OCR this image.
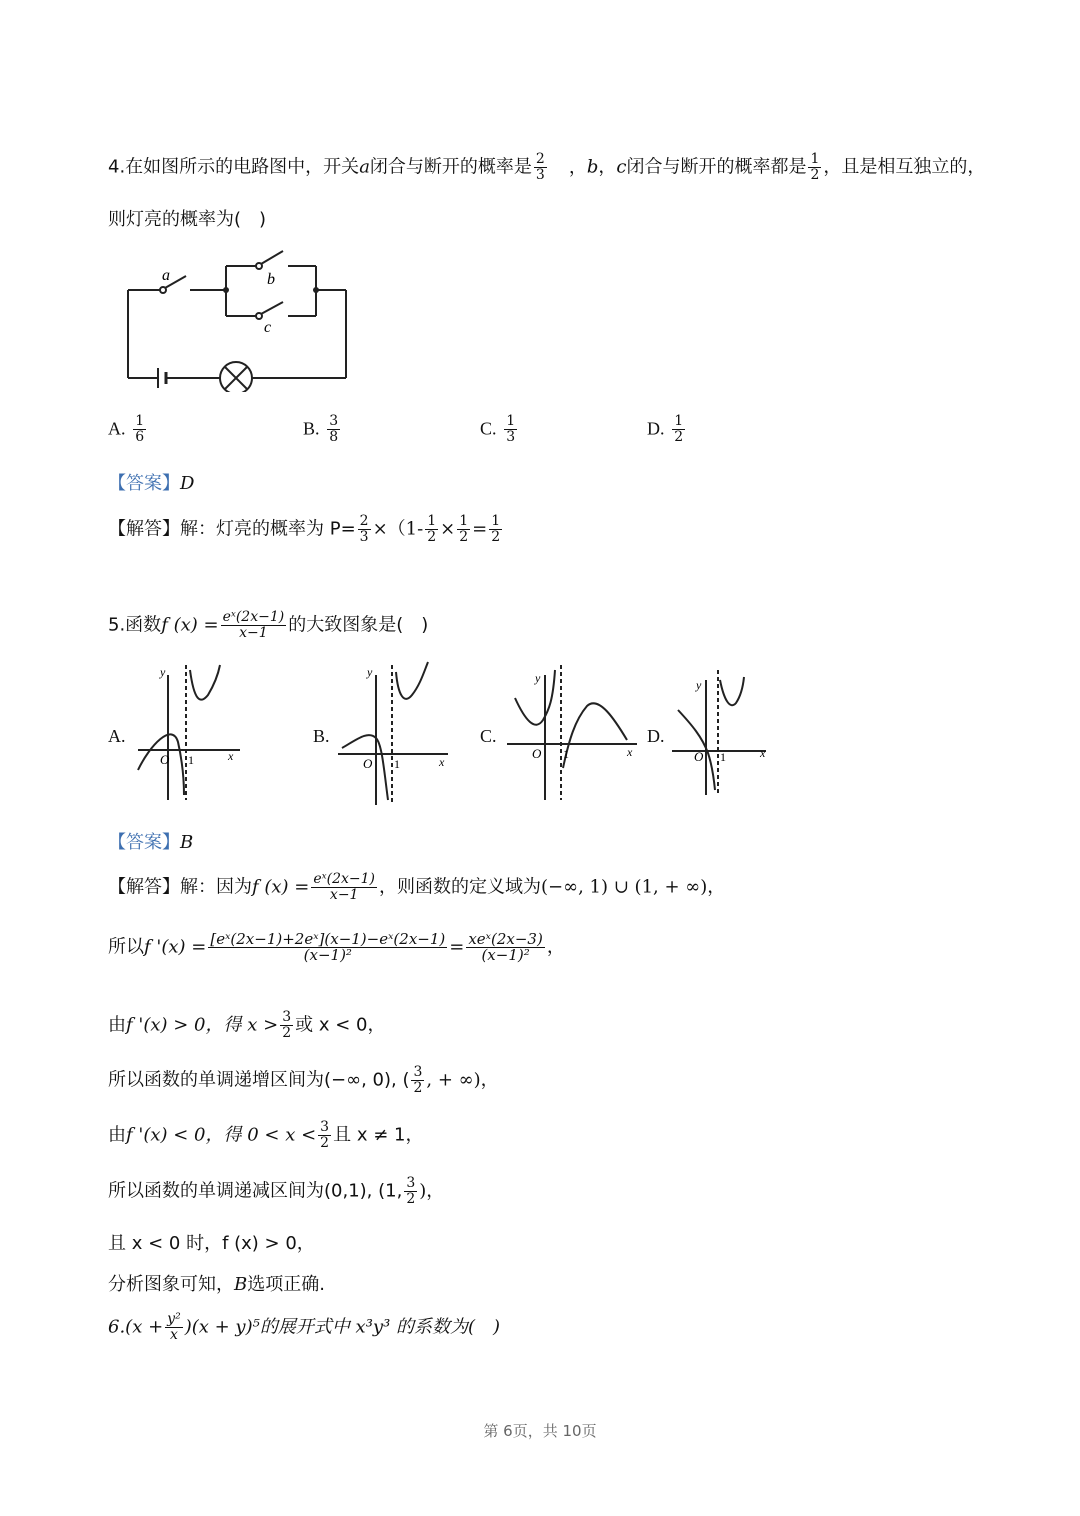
4.在如图所示的电路图中，开关a闭合与断开的概率是 $\frac{2}{3}$ ，b，c闭合与断开的概率都是 $\frac{1}{2}$ ，且是相互独立的，
则灯亮的概率为(　)
a	b
c
A. $\frac{1}{6}$	B. $\frac{3}{8}$	C. $\frac{1}{3}$	D. $\frac{1}{2}$
【答案】D
【解答】解：灯亮的概率为 $P= \frac{2}{3} \times(1- \frac{1}{2} \times \frac{1}{2} = \frac{1}{2}$
5.函数f $(x) = \frac{\text{eˣ(2x−1)}}{x-1}$ 的大致图象是(　)
A.
y
x
O 1
B.
y
x
O 1
C.
y
x
O 1
D.
y
x
O 1
【答案】B
【解答】解：因为f $(x) = \frac{\text{eˣ(2x−1)}}{x-1}$ ，则函数的定义域为(−∞, 1) ∪ (1, + ∞)，
所以f '$(x) = \frac{\text{[eˣ(2x−1)+2eˣ](x−1)−eˣ(2x−1)}}{\text{(x−1)²}} = \frac{\text{xeˣ(2x−3)}}{\text{(x−1)²}}$ ，
由f '(x) > 0，得 $x > \frac{3}{2}$ 或 x < 0，
所以函数的单调递增区间为(−∞, 0), ( $\frac{3}{2}$ , + ∞)，
由f '(x) < 0，得 $0 < x < \frac{3}{2}$ 且 x ≠ 1，
所以函数的单调递减区间为(0,1), (1, $\frac{3}{2}$ )，
且 x < 0 时，f (x) > 0，
分析图象可知，B选项正确.
$6.(x + \frac{\text{y²}}{x} )(x + y)^5$的展开式中 x³y³ 的系数为(　)
第 6页，共 10页
